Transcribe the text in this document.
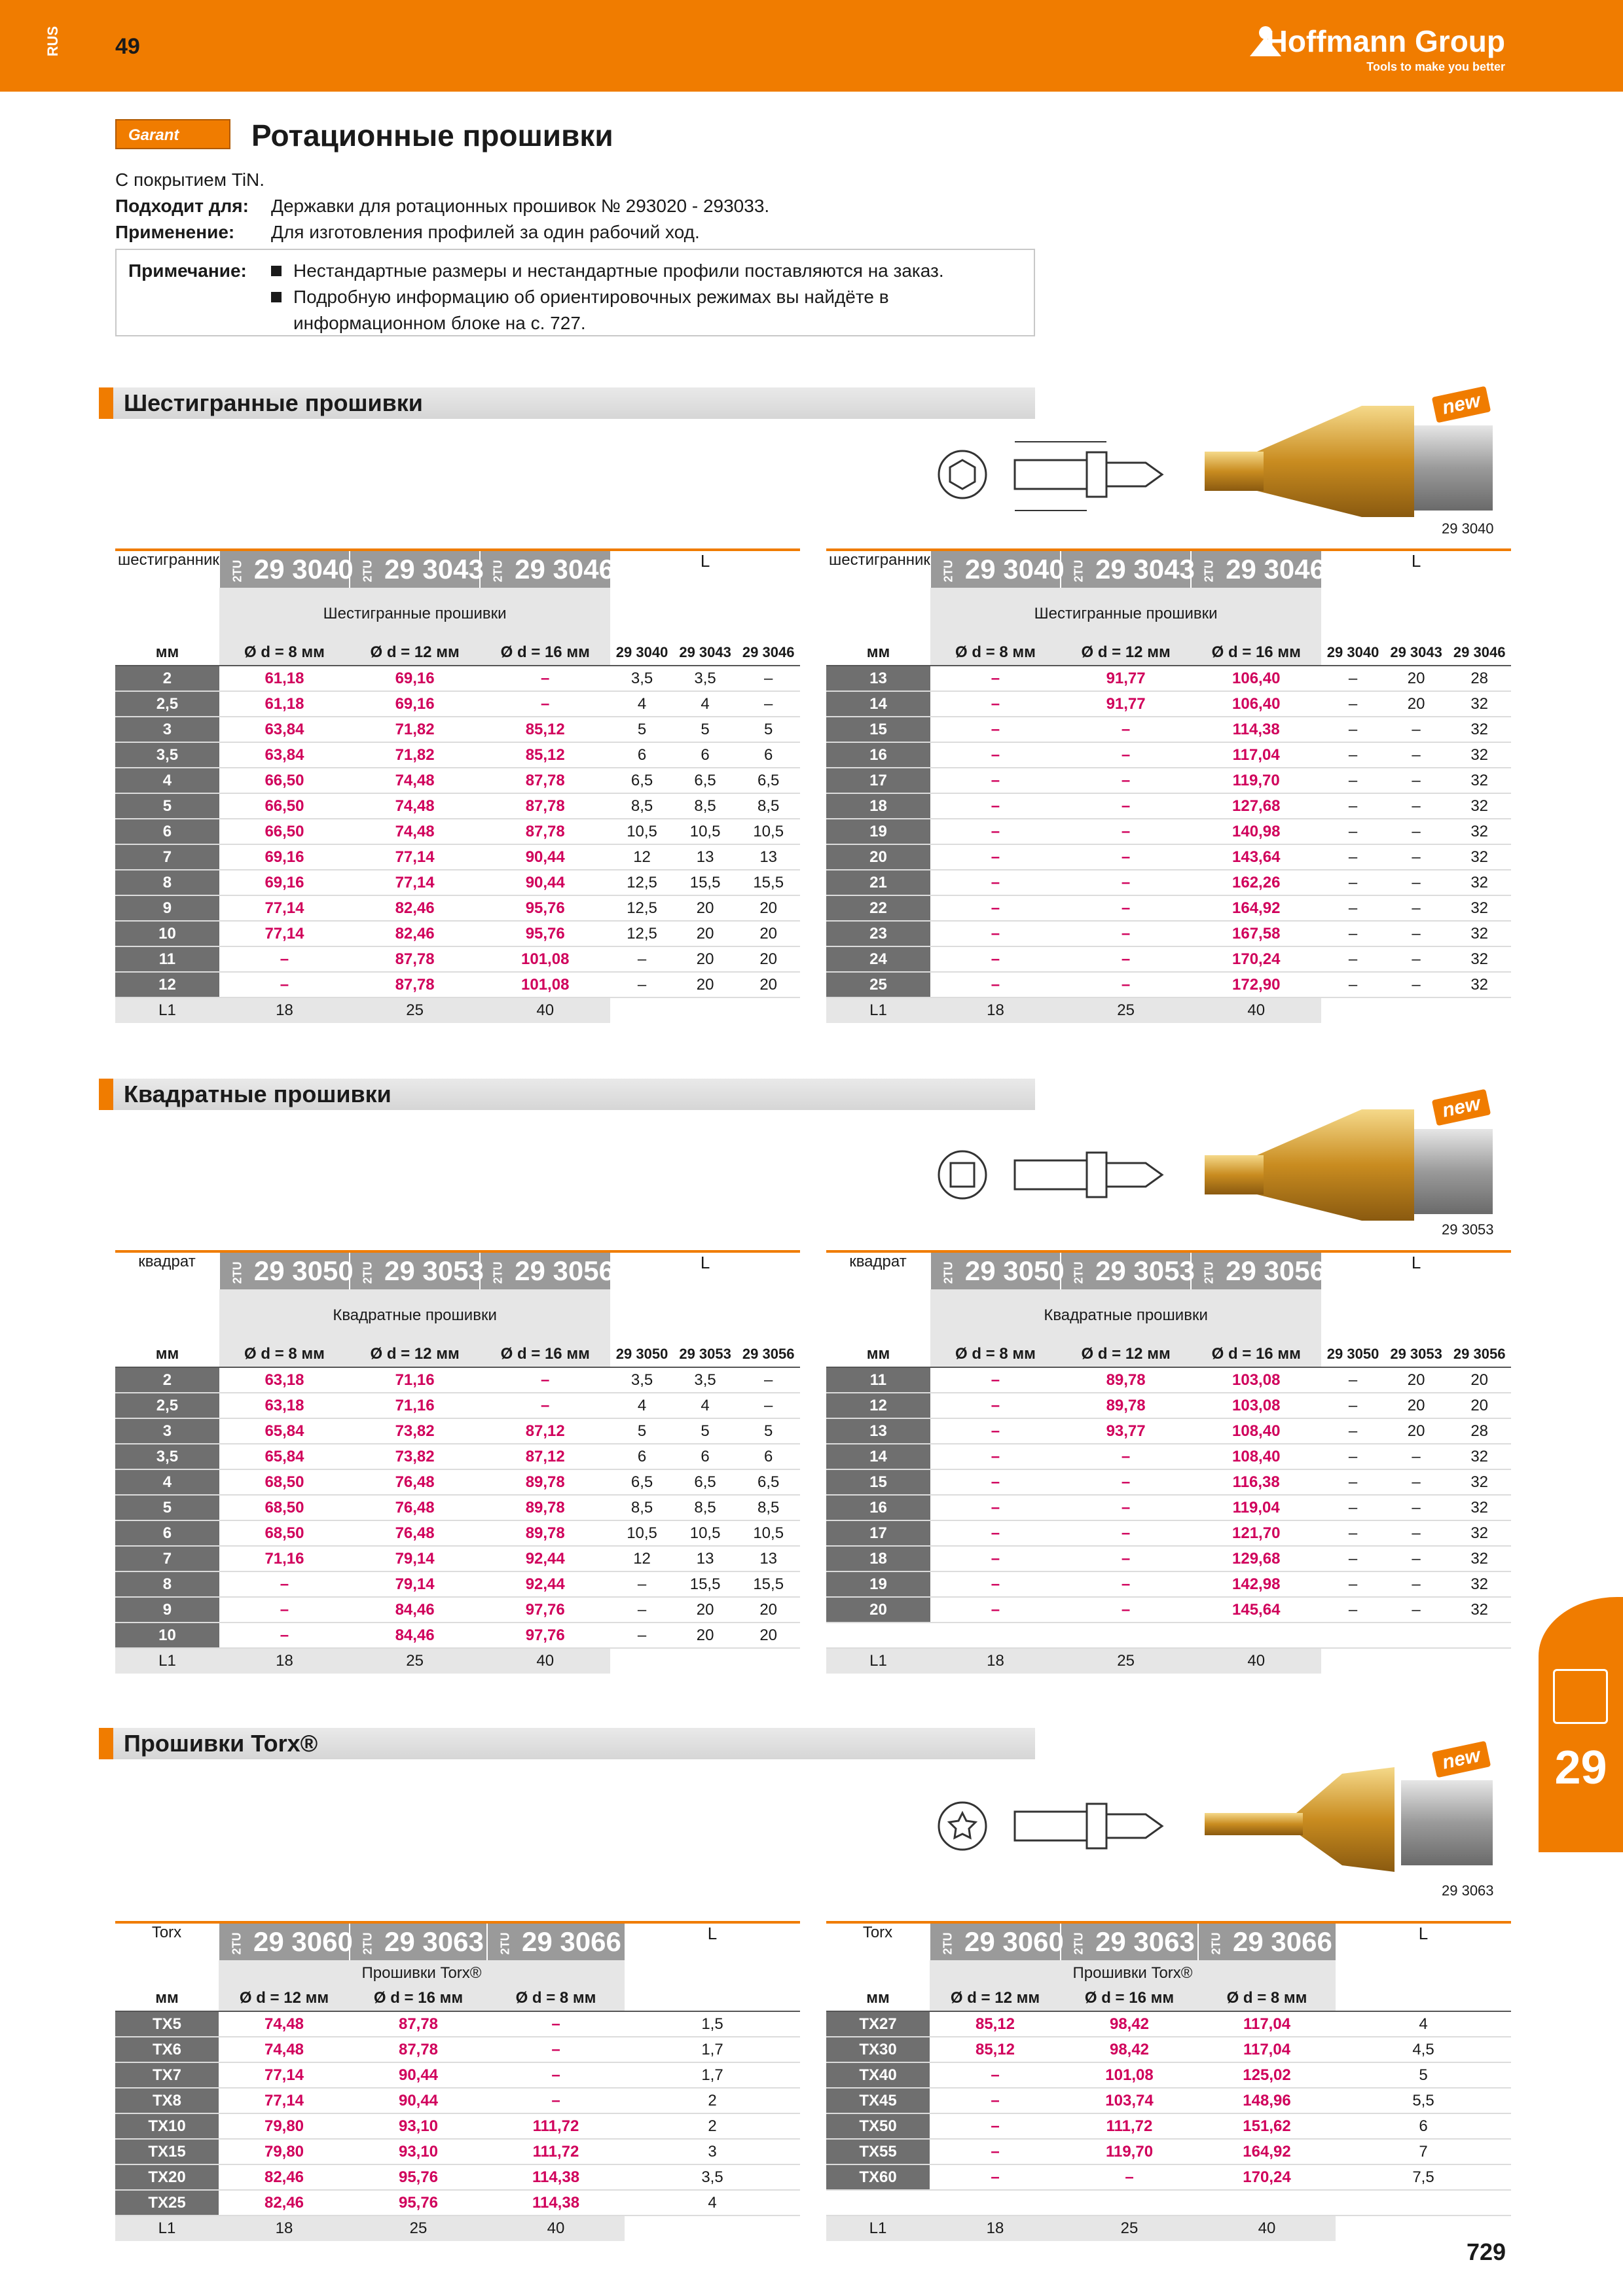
RUS 49	Hoffmann Group
Tools to make you better
Garant	Ротационные прошивки
С покрытием TiN.
Подходит для:	Державки для ротационных прошивок № 293020 - 293033.
Применение:	Для изготовления профилей за один рабочий ход.
Примечание:	Нестандартные размеры и нестандартные профили поставляются на заказ.
Подробную информацию об ориентировочных режимах вы найдёте в информационном блоке на с. 727.
Шестигранные прошивки	new
29 3040
Квадратные прошивки	new
29 3053
Прошивки Torx®
new
29 3063
шестигранник	2TU 29 3040	2TU 29 3043	2TU 29 3046	L		
	Шестигранные прошивки					
мм	Ø d = 8 мм	Ø d = 12 мм	Ø d = 16 мм	29 3040	29 3043	29 3046
2	61,18	69,16	–	3,5	3,5	–
2,5	61,18	69,16	–	4	4	–
3	63,84	71,82	85,12	5	5	5
3,5	63,84	71,82	85,12	6	6	6
4	66,50	74,48	87,78	6,5	6,5	6,5
5	66,50	74,48	87,78	8,5	8,5	8,5
6	66,50	74,48	87,78	10,5	10,5	10,5
7	69,16	77,14	90,44	12	13	13
8	69,16	77,14	90,44	12,5	15,5	15,5
9	77,14	82,46	95,76	12,5	20	20
10	77,14	82,46	95,76	12,5	20	20
11	–	87,78	101,08	–	20	20
12	–	87,78	101,08	–	20	20
L1	18	25	40			
шестигранник	2TU 29 3040	2TU 29 3043	2TU 29 3046	L		
	Шестигранные прошивки					
мм	Ø d = 8 мм	Ø d = 12 мм	Ø d = 16 мм	29 3040	29 3043	29 3046
13	–	91,77	106,40	–	20	28
14	–	91,77	106,40	–	20	32
15	–	–	114,38	–	–	32
16	–	–	117,04	–	–	32
17	–	–	119,70	–	–	32
18	–	–	127,68	–	–	32
19	–	–	140,98	–	–	32
20	–	–	143,64	–	–	32
21	–	–	162,26	–	–	32
22	–	–	164,92	–	–	32
23	–	–	167,58	–	–	32
24	–	–	170,24	–	–	32
25	–	–	172,90	–	–	32
L1	18	25	40			
квадрат	2TU 29 3050	2TU 29 3053	2TU 29 3056	L		
	Квадратные прошивки					
мм	Ø d = 8 мм	Ø d = 12 мм	Ø d = 16 мм	29 3050	29 3053	29 3056
2	63,18	71,16	–	3,5	3,5	–
2,5	63,18	71,16	–	4	4	–
3	65,84	73,82	87,12	5	5	5
3,5	65,84	73,82	87,12	6	6	6
4	68,50	76,48	89,78	6,5	6,5	6,5
5	68,50	76,48	89,78	8,5	8,5	8,5
6	68,50	76,48	89,78	10,5	10,5	10,5
7	71,16	79,14	92,44	12	13	13
8	–	79,14	92,44	–	15,5	15,5
9	–	84,46	97,76	–	20	20
10	–	84,46	97,76	–	20	20
L1	18	25	40			
квадрат	2TU 29 3050	2TU 29 3053	2TU 29 3056	L		
	Квадратные прошивки					
мм	Ø d = 8 мм	Ø d = 12 мм	Ø d = 16 мм	29 3050	29 3053	29 3056
11	–	89,78	103,08	–	20	20
12	–	89,78	103,08	–	20	20
13	–	93,77	108,40	–	20	28
14	–	–	108,40	–	–	32
15	–	–	116,38	–	–	32
16	–	–	119,04	–	–	32
17	–	–	121,70	–	–	32
18	–	–	129,68	–	–	32
19	–	–	142,98	–	–	32
20	–	–	145,64	–	–	32

L1	18	25	40			
Torx	2TU 29 3060	2TU 29 3063	2TU 29 3066	L
	Прошивки Torx®			
мм	Ø d = 12 мм	Ø d = 16 мм	Ø d = 8 мм	
TX5	74,48	87,78	–	1,5
TX6	74,48	87,78	–	1,7
TX7	77,14	90,44	–	1,7
TX8	77,14	90,44	–	2
TX10	79,80	93,10	111,72	2
TX15	79,80	93,10	111,72	3
TX20	82,46	95,76	114,38	3,5
TX25	82,46	95,76	114,38	4
L1	18	25	40	
Torx	2TU 29 3060	2TU 29 3063	2TU 29 3066	L
	Прошивки Torx®			
мм	Ø d = 12 мм	Ø d = 16 мм	Ø d = 8 мм	
TX27	85,12	98,42	117,04	4
TX30	85,12	98,42	117,04	4,5
TX40	–	101,08	125,02	5
TX45	–	103,74	148,96	5,5
TX50	–	111,72	151,62	6
TX55	–	119,70	164,92	7
TX60	–	–	170,24	7,5

L1	18	25	40	
29
729
